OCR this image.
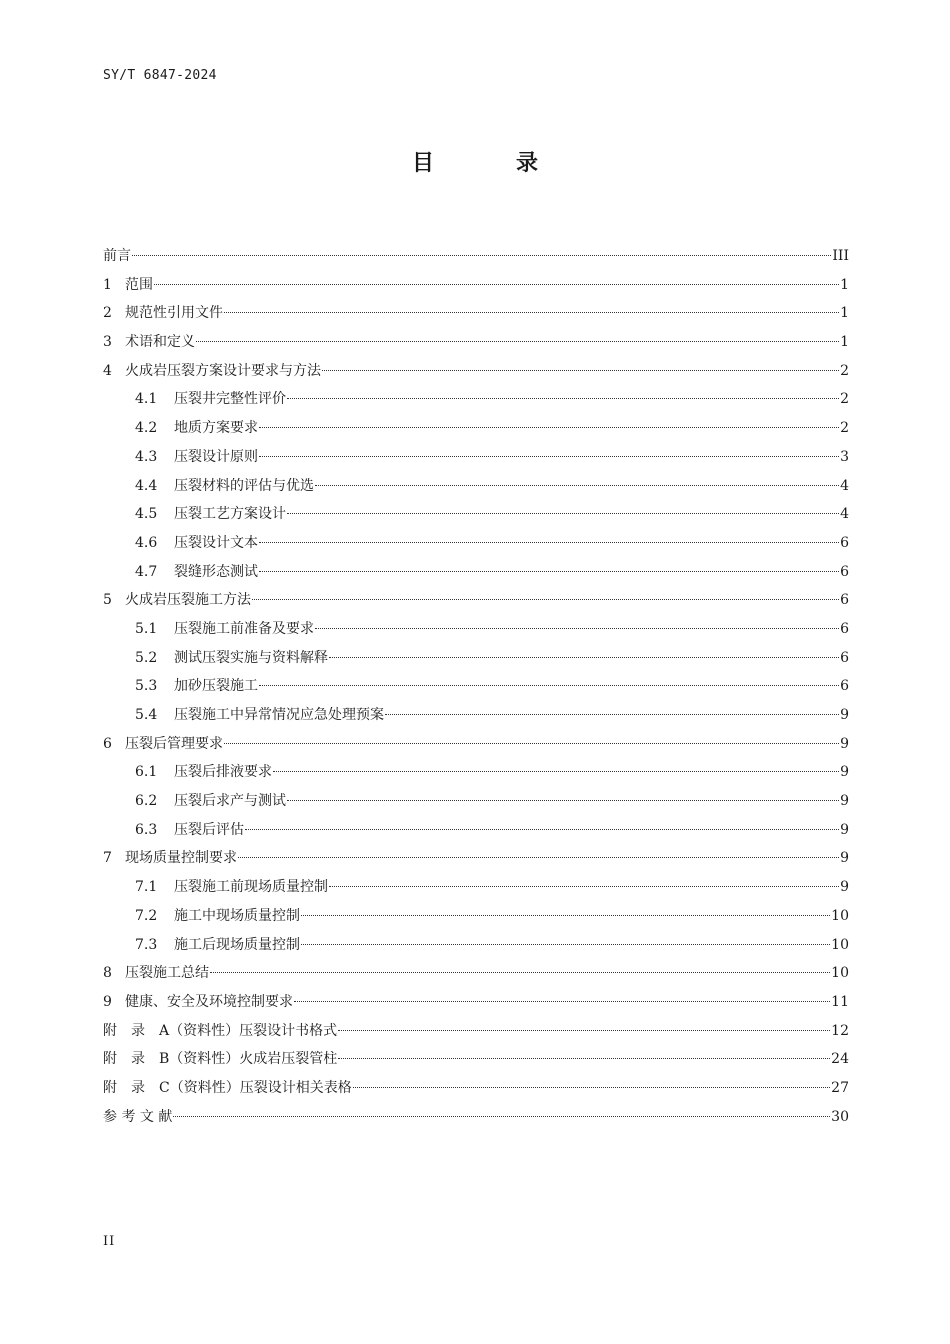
SY/T 6847-2024
目　录
前言	III
1 范围	1
2 规范性引用文件	1
3 术语和定义	1
4 火成岩压裂方案设计要求与方法	2
4.1	压裂井完整性评价	2
4.2	地质方案要求	2
4.3	压裂设计原则	3
4.4	压裂材料的评估与优选	4
4.5	压裂工艺方案设计	4
4.6	压裂设计文本	6
4.7	裂缝形态测试	6
5 火成岩压裂施工方法	6
5.1	压裂施工前准备及要求	6
5.2	测试压裂实施与资料解释	6
5.3	加砂压裂施工	6
5.4	压裂施工中异常情况应急处理预案	9
6 压裂后管理要求	9
6.1	压裂后排液要求	9
6.2	压裂后求产与测试	9
6.3	压裂后评估	9
7 现场质量控制要求	9
7.1	压裂施工前现场质量控制	9
7.2	施工中现场质量控制	10
7.3	施工后现场质量控制	10
8 压裂施工总结	10
9 健康、安全及环境控制要求	11
附　录　A（资料性）压裂设计书格式	12
附　录　B（资料性）火成岩压裂管柱	24
附　录　C（资料性）压裂设计相关表格	27
参 考 文 献	30
II
